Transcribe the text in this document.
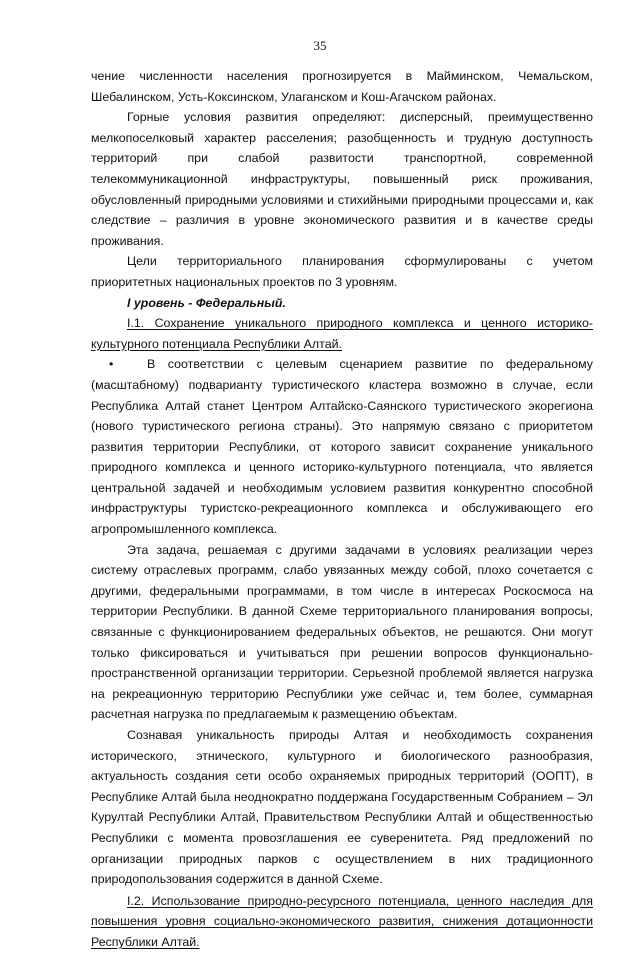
35

чение численности населения прогнозируется в Майминском, Чемальском, Шебалинском, Усть-Коксинском, Улаганском и Кош-Агачском районах.

Горные условия развития определяют: дисперсный, преимущественно мелкопоселковый характер расселения; разобщенность и трудную доступность территорий при слабой развитости транспортной, современной телекоммуникационной инфраструктуры, повышенный риск проживания, обусловленный природными условиями и стихийными природными процессами и, как следствие – различия в уровне экономического развития и в качестве среды проживания.

Цели территориального планирования сформулированы с учетом приоритетных национальных проектов по 3 уровням.

I уровень - Федеральный.

I.1. Сохранение уникального природного комплекса и ценного историко-культурного потенциала Республики Алтай.

•	В соответствии с целевым сценарием развитие по федеральному (масштабному) подварианту туристического кластера возможно в случае, если Республика Алтай станет Центром Алтайско-Саянского туристического экорегиона (нового туристического региона страны). Это напрямую связано с приоритетом развития территории Республики, от которого зависит сохранение уникального природного комплекса и ценного историко-культурного потенциала, что является центральной задачей и необходимым условием развития конкурентно способной инфраструктуры туристско-рекреационного комплекса и обслуживающего его агропромышленного комплекса.

Эта задача, решаемая с другими задачами в условиях реализации через систему отраслевых программ, слабо увязанных между собой, плохо сочетается с другими, федеральными программами, в том числе в интересах Роскосмоса на территории Республики. В данной Схеме территориального планирования вопросы, связанные с функционированием федеральных объектов, не решаются. Они могут только фиксироваться и учитываться при решении вопросов функционально-пространственной организации территории. Серьезной проблемой является нагрузка на рекреационную территорию Республики уже сейчас и, тем более, суммарная расчетная нагрузка по предлагаемым к размещению объектам.

Сознавая уникальность природы Алтая и необходимость сохранения исторического, этнического, культурного и биологического разнообразия, актуальность создания сети особо охраняемых природных территорий (ООПТ), в Республике Алтай была неоднократно поддержана Государственным Собранием – Эл Курултай Республики Алтай, Правительством Республики Алтай и общественностью Республики с момента провозглашения ее суверенитета. Ряд предложений по организации природных парков с осуществлением в них традиционного природопользования содержится в данной Схеме.

I.2. Использование природно-ресурсного потенциала, ценного наследия для повышения уровня социально-экономического развития, снижения дотационности Республики Алтай.
